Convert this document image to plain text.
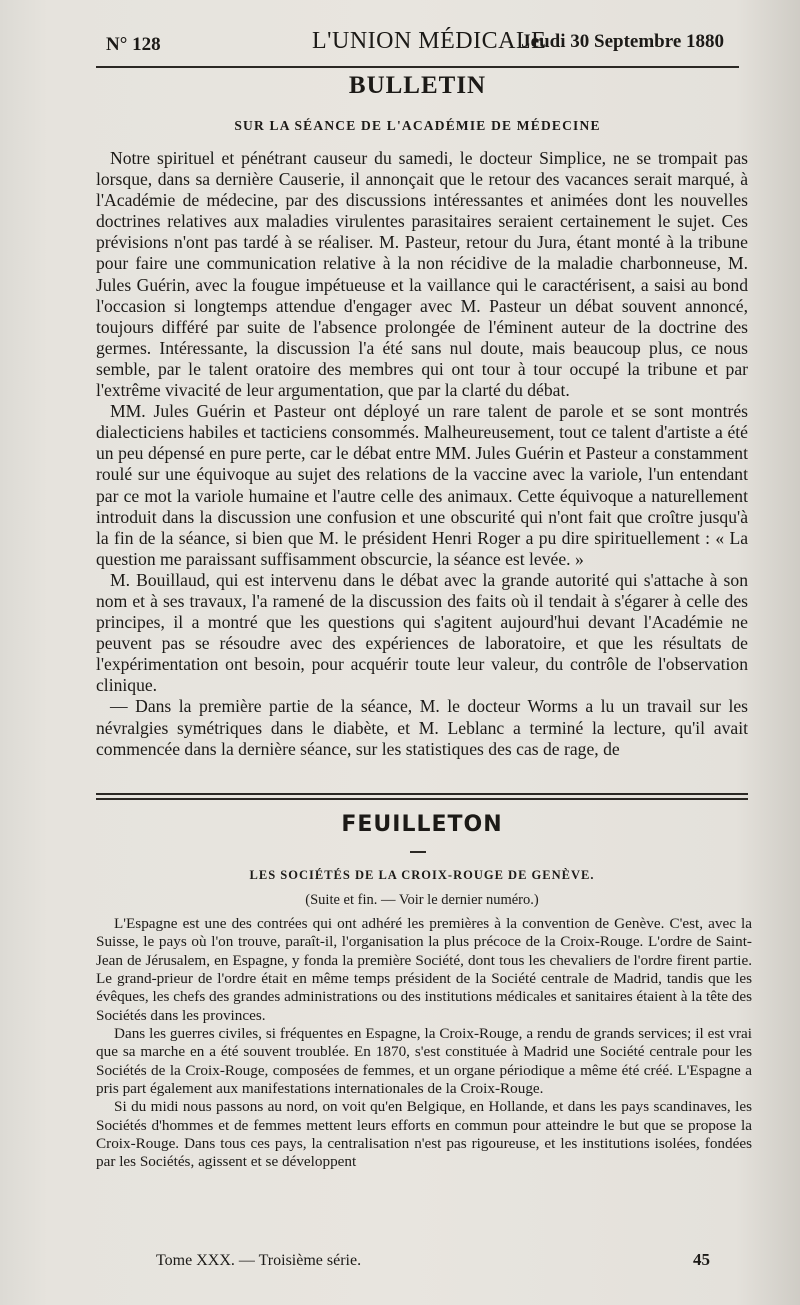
N° 128	L'UNION MÉDICALE
Jeudi 30 Septembre 1880
BULLETIN
SUR LA SÉANCE DE L'ACADÉMIE DE MÉDECINE

Notre spirituel et pénétrant causeur du samedi, le docteur Simplice, ne se trompait pas lorsque, dans sa dernière Causerie, il annonçait que le retour des vacances serait marqué, à l'Académie de médecine, par des discussions intéressantes et animées dont les nouvelles doctrines relatives aux maladies virulentes parasitaires seraient certainement le sujet. Ces prévisions n'ont pas tardé à se réaliser. M. Pasteur, retour du Jura, étant monté à la tribune pour faire une communication relative à la non récidive de la maladie charbonneuse, M. Jules Guérin, avec la fougue impétueuse et la vaillance qui le caractérisent, a saisi au bond l'occasion si longtemps attendue d'engager avec M. Pasteur un débat souvent annoncé, toujours différé par suite de l'absence prolongée de l'éminent auteur de la doctrine des germes. Intéressante, la discussion l'a été sans nul doute, mais beaucoup plus, ce nous semble, par le talent oratoire des membres qui ont tour à tour occupé la tribune et par l'extrême vivacité de leur argumentation, que par la clarté du débat.

MM. Jules Guérin et Pasteur ont déployé un rare talent de parole et se sont montrés dialecticiens habiles et tacticiens consommés. Malheureusement, tout ce talent d'artiste a été un peu dépensé en pure perte, car le débat entre MM. Jules Guérin et Pasteur a constamment roulé sur une équivoque au sujet des relations de la vaccine avec la variole, l'un entendant par ce mot la variole humaine et l'autre celle des animaux. Cette équivoque a naturellement introduit dans la discussion une confusion et une obscurité qui n'ont fait que croître jusqu'à la fin de la séance, si bien que M. le président Henri Roger a pu dire spirituellement : « La question me paraissant suffisamment obscurcie, la séance est levée. »

M. Bouillaud, qui est intervenu dans le débat avec la grande autorité qui s'attache à son nom et à ses travaux, l'a ramené de la discussion des faits où il tendait à s'égarer à celle des principes, il a montré que les questions qui s'agitent aujourd'hui devant l'Académie ne peuvent pas se résoudre avec des expériences de laboratoire, et que les résultats de l'expérimentation ont besoin, pour acquérir toute leur valeur, du contrôle de l'observation clinique.

— Dans la première partie de la séance, M. le docteur Worms a lu un travail sur les névralgies symétriques dans le diabète, et M. Leblanc a terminé la lecture, qu'il avait commencée dans la dernière séance, sur les statistiques des cas de rage, de

FEUILLETON
LES SOCIÉTÉS DE LA CROIX-ROUGE DE GENÈVE.
(Suite et fin. — Voir le dernier numéro.)

L'Espagne est une des contrées qui ont adhéré les premières à la convention de Genève. C'est, avec la Suisse, le pays où l'on trouve, paraît-il, l'organisation la plus précoce de la Croix-Rouge. L'ordre de Saint-Jean de Jérusalem, en Espagne, y fonda la première Société, dont tous les chevaliers de l'ordre firent partie. Le grand-prieur de l'ordre était en même temps président de la Société centrale de Madrid, tandis que les évêques, les chefs des grandes administrations ou des institutions médicales et sanitaires étaient à la tête des Sociétés dans les provinces.

Dans les guerres civiles, si fréquentes en Espagne, la Croix-Rouge, a rendu de grands services; il est vrai que sa marche en a été souvent troublée. En 1870, s'est constituée à Madrid une Société centrale pour les Sociétés de la Croix-Rouge, composées de femmes, et un organe périodique a même été créé. L'Espagne a pris part également aux manifestations internationales de la Croix-Rouge.

Si du midi nous passons au nord, on voit qu'en Belgique, en Hollande, et dans les pays scandinaves, les Sociétés d'hommes et de femmes mettent leurs efforts en commun pour atteindre le but que se propose la Croix-Rouge. Dans tous ces pays, la centralisation n'est pas rigoureuse, et les institutions isolées, fondées par les Sociétés, agissent et se développent

Tome XXX. — Troisième série.	45
